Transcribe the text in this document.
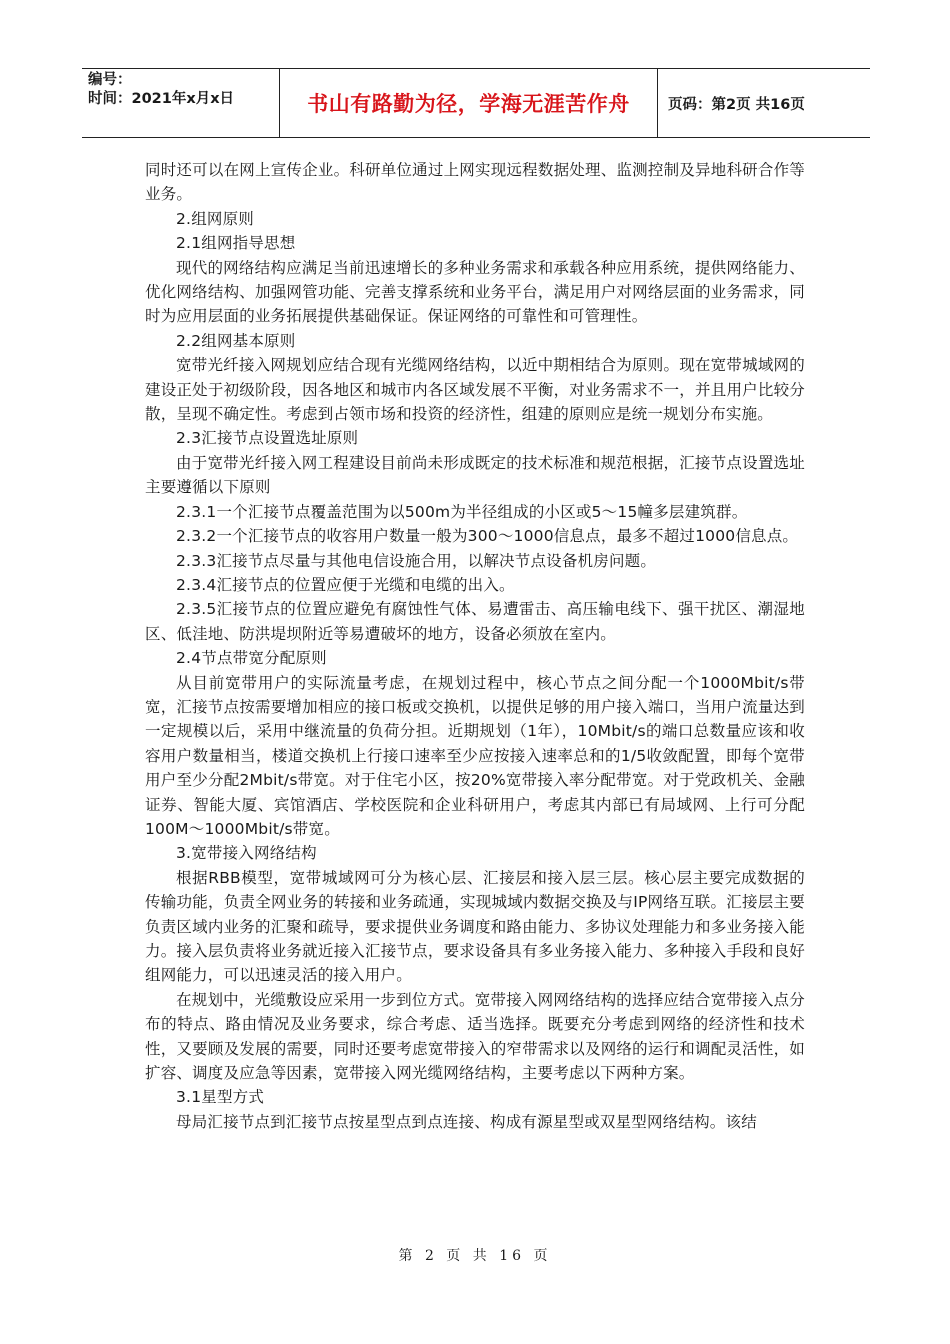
编号：
时间：2021年x月x日	书山有路勤为径，学海无涯苦作舟	页码：第2页 共16页

同时还可以在网上宣传企业。科研单位通过上网实现远程数据处理、监测控制及异地科研合作等业务。

2.组网原则

2.1组网指导思想

现代的网络结构应满足当前迅速增长的多种业务需求和承载各种应用系统，提供网络能力、优化网络结构、加强网管功能、完善支撑系统和业务平台，满足用户对网络层面的业务需求，同时为应用层面的业务拓展提供基础保证。保证网络的可靠性和可管理性。

2.2组网基本原则

宽带光纤接入网规划应结合现有光缆网络结构，以近中期相结合为原则。现在宽带城域网的建设正处于初级阶段，因各地区和城市内各区域发展不平衡，对业务需求不一，并且用户比较分散，呈现不确定性。考虑到占领市场和投资的经济性，组建的原则应是统一规划分布实施。

2.3汇接节点设置选址原则

由于宽带光纤接入网工程建设目前尚未形成既定的技术标准和规范根据，汇接节点设置选址主要遵循以下原则

2.3.1一个汇接节点覆盖范围为以500m为半径组成的小区或5～15幢多层建筑群。

2.3.2一个汇接节点的收容用户数量一般为300～1000信息点，最多不超过1000信息点。

2.3.3汇接节点尽量与其他电信设施合用，以解决节点设备机房问题。

2.3.4汇接节点的位置应便于光缆和电缆的出入。

2.3.5汇接节点的位置应避免有腐蚀性气体、易遭雷击、高压输电线下、强干扰区、潮湿地区、低洼地、防洪堤坝附近等易遭破坏的地方，设备必须放在室内。

2.4节点带宽分配原则

从目前宽带用户的实际流量考虑，在规划过程中，核心节点之间分配一个1000Mbit/s带宽，汇接节点按需要增加相应的接口板或交换机，以提供足够的用户接入端口，当用户流量达到一定规模以后，采用中继流量的负荷分担。近期规划（1年），10Mbit/s的端口总数量应该和收容用户数量相当，楼道交换机上行接口速率至少应按接入速率总和的1/5收敛配置，即每个宽带用户至少分配2Mbit/s带宽。对于住宅小区，按20%宽带接入率分配带宽。对于党政机关、金融证券、智能大厦、宾馆酒店、学校医院和企业科研用户，考虑其内部已有局域网、上行可分配100M～1000Mbit/s带宽。

3.宽带接入网络结构

根据RBB模型，宽带城域网可分为核心层、汇接层和接入层三层。核心层主要完成数据的传输功能，负责全网业务的转接和业务疏通，实现城域内数据交换及与IP网络互联。汇接层主要负责区域内业务的汇聚和疏导，要求提供业务调度和路由能力、多协议处理能力和多业务接入能力。接入层负责将业务就近接入汇接节点，要求设备具有多业务接入能力、多种接入手段和良好组网能力，可以迅速灵活的接入用户。

在规划中，光缆敷设应采用一步到位方式。宽带接入网网络结构的选择应结合宽带接入点分布的特点、路由情况及业务要求，综合考虑、适当选择。既要充分考虑到网络的经济性和技术性，又要顾及发展的需要，同时还要考虑宽带接入的窄带需求以及网络的运行和调配灵活性，如扩容、调度及应急等因素，宽带接入网光缆网络结构，主要考虑以下两种方案。

3.1星型方式

母局汇接节点到汇接节点按星型点到点连接、构成有源星型或双星型网络结构。该结

第 2 页 共 16 页
